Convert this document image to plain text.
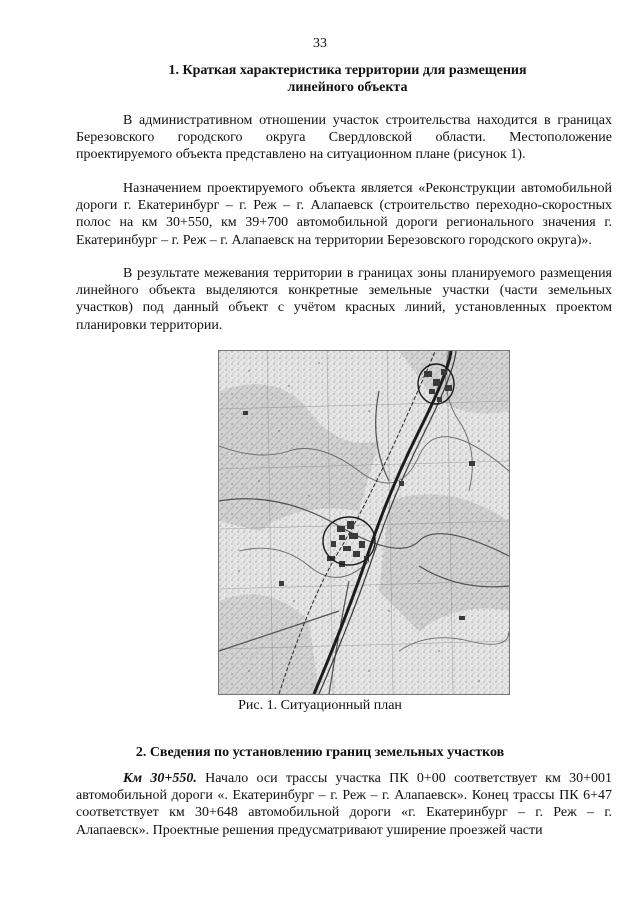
33
1. Краткая характеристика территории для размещения
линейного объекта

В административном отношении участок строительства находится в границах Березовского городского округа Свердловской области. Местоположение проектируемого объекта представлено на ситуационном плане (рисунок 1).

Назначением проектируемого объекта является «Реконструкции автомобильной дороги г. Екатеринбург – г. Реж – г. Алапаевск (строительство переходно-скоростных полос на км 30+550, км 39+700 автомобильной дороги регионального значения г. Екатеринбург – г. Реж – г. Алапаевск на территории Березовского городского округа)».

В результате межевания территории в границах зоны планируемого размещения линейного объекта выделяются конкретные земельные участки (части земельных участков) под данный объект с учётом красных линий, установленных проектом планировки территории.

Рис. 1. Ситуационный план
2. Сведения по установлению границ земельных участков

Км 30+550. Начало оси трассы участка ПК 0+00 соответствует км 30+001 автомобильной дороги «. Екатеринбург – г. Реж – г. Алапаевск». Конец трассы ПК 6+47 соответствует км 30+648 автомобильной дороги «г. Екатеринбург – г. Реж – г. Алапаевск». Проектные решения предусматривают уширение проезжей части
